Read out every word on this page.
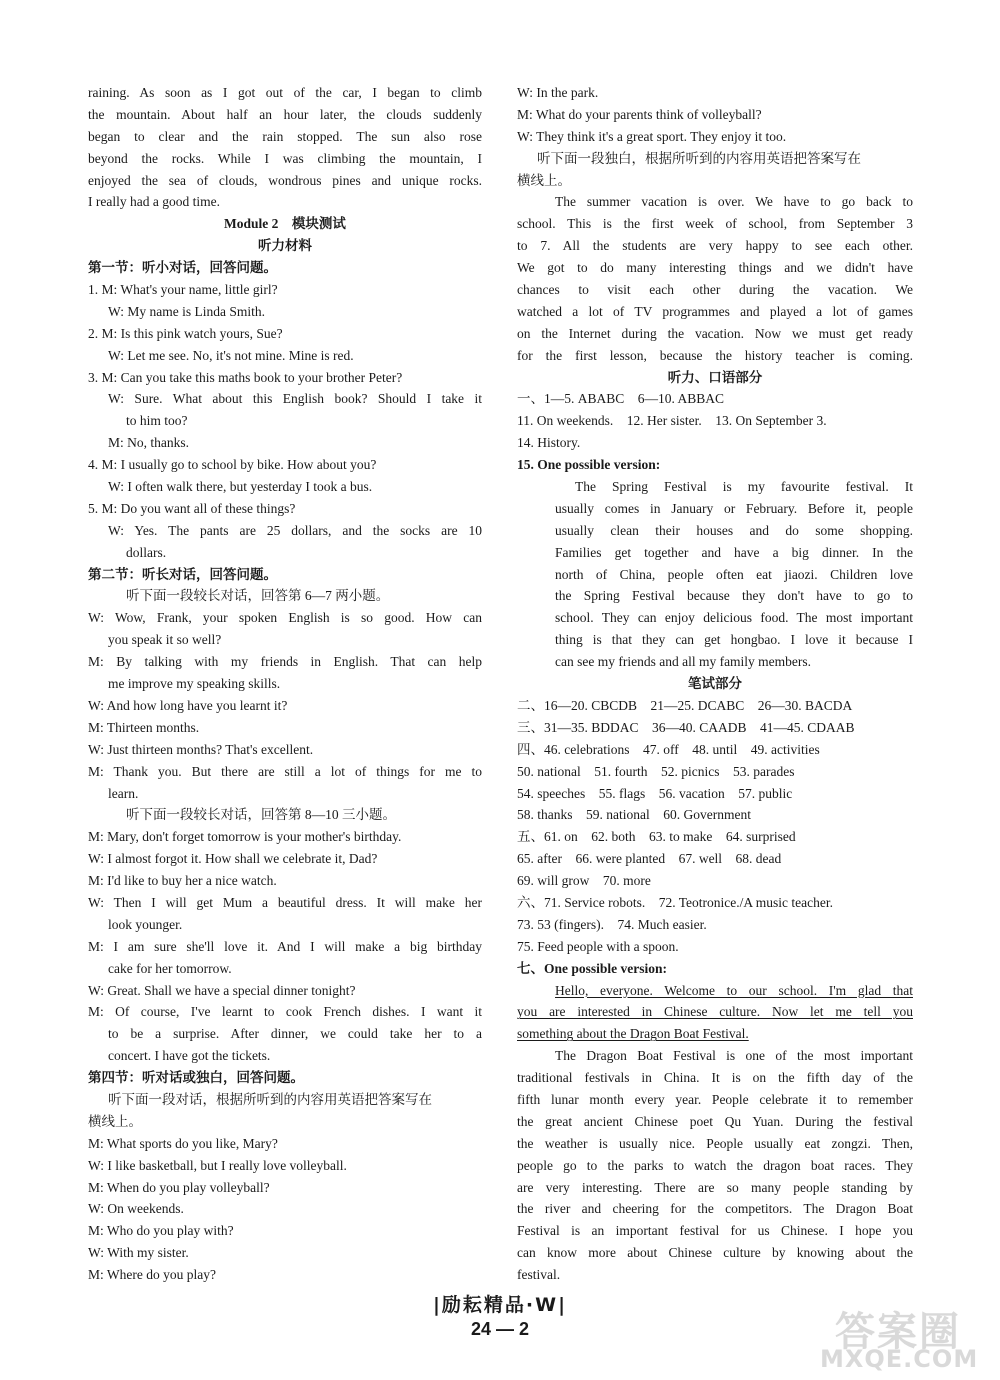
raining. As soon as I got out of the car, I began to climb
the mountain. About half an hour later, the clouds suddenly
began to clear and the rain stopped. The sun also rose
beyond the rocks. While I was climbing the mountain, I
enjoyed the sea of clouds, wondrous pines and unique rocks.
I really had a good time.
Module 2　模块测试
听力材料
第一节：听小对话，回答问题。
1. M: What's your name, little girl?
W: My name is Linda Smith.
2. M: Is this pink watch yours, Sue?
W: Let me see. No, it's not mine. Mine is red.
3. M: Can you take this maths book to your brother Peter?
W: Sure. What about this English book? Should I take it
to him too?
M: No, thanks.
4. M: I usually go to school by bike. How about you?
W: I often walk there, but yesterday I took a bus.
5. M: Do you want all of these things?
W: Yes. The pants are 25 dollars, and the socks are 10
dollars.
第二节：听长对话，回答问题。
听下面一段较长对话，回答第 6—7 两小题。
W: Wow, Frank, your spoken English is so good. How can
you speak it so well?
M: By talking with my friends in English. That can help
me improve my speaking skills.
W: And how long have you learnt it?
M: Thirteen months.
W: Just thirteen months? That's excellent.
M: Thank you. But there are still a lot of things for me to
learn.
听下面一段较长对话，回答第 8—10 三小题。
M: Mary, don't forget tomorrow is your mother's birthday.
W: I almost forgot it. How shall we celebrate it, Dad?
M: I'd like to buy her a nice watch.
W: Then I will get Mum a beautiful dress. It will make her
look younger.
M: I am sure she'll love it. And I will make a big birthday
cake for her tomorrow.
W: Great. Shall we have a special dinner tonight?
M: Of course, I've learnt to cook French dishes. I want it
to be a surprise. After dinner, we could take her to a
concert. I have got the tickets.
第四节：听对话或独白，回答问题。
听下面一段对话，根据所听到的内容用英语把答案写在
横线上。
M: What sports do you like, Mary?
W: I like basketball, but I really love volleyball.
M: When do you play volleyball?
W: On weekends.
M: Who do you play with?
W: With my sister.
M: Where do you play?
W: In the park.
M: What do your parents think of volleyball?
W: They think it's a great sport. They enjoy it too.
听下面一段独白，根据所听到的内容用英语把答案写在
横线上。
The summer vacation is over. We have to go back to
school. This is the first week of school, from September 3
to 7. All the students are very happy to see each other.
We got to do many interesting things and we didn't have
chances to visit each other during the vacation. We
watched a lot of TV programmes and played a lot of games
on the Internet during the vacation. Now we must get ready
for the first lesson, because the history teacher is coming.
听力、口语部分
一、1—5. ABABC　6—10. ABBAC
11. On weekends.　12. Her sister.　13. On September 3.
14. History.
15. One possible version:
The Spring Festival is my favourite festival. It
usually comes in January or February. Before it, people
usually clean their houses and do some shopping.
Families get together and have a big dinner. In the
north of China, people often eat jiaozi. Children love
the Spring Festival because they don't have to go to
school. They can enjoy delicious food. The most important
thing is that they can get hongbao. I love it because I
can see my friends and all my family members.
笔试部分
二、16—20. CBCDB　21—25. DCABC　26—30. BACDA
三、31—35. BDDAC　36—40. CAADB　41—45. CDAAB
四、46. celebrations　47. off　48. until　49. activities
50. national　51. fourth　52. picnics　53. parades
54. speeches　55. flags　56. vacation　57. public
58. thanks　59. national　60. Government
五、61. on　62. both　63. to make　64. surprised
65. after　66. were planted　67. well　68. dead
69. will grow　70. more
六、71. Service robots.　72. Teotronice./A music teacher.
73. 53 (fingers).　74. Much easier.
75. Feed people with a spoon.
七、One possible version:
Hello, everyone. Welcome to our school. I'm glad that
you are interested in Chinese culture. Now let me tell you
something about the Dragon Boat Festival.
The Dragon Boat Festival is one of the most important
traditional festivals in China. It is on the fifth day of the
fifth lunar month every year. People celebrate it to remember
the great ancient Chinese poet Qu Yuan. During the festival
the weather is usually nice. People usually eat zongzi. Then,
people go to the parks to watch the dragon boat races. They
are very interesting. There are so many people standing by
the river and cheering for the competitors. The Dragon Boat
Festival is an important festival for us Chinese. I hope you
can know more about Chinese culture by knowing about the
festival.
|励耘精品·W|
24 — 2	答案圈
MXQE.COM
